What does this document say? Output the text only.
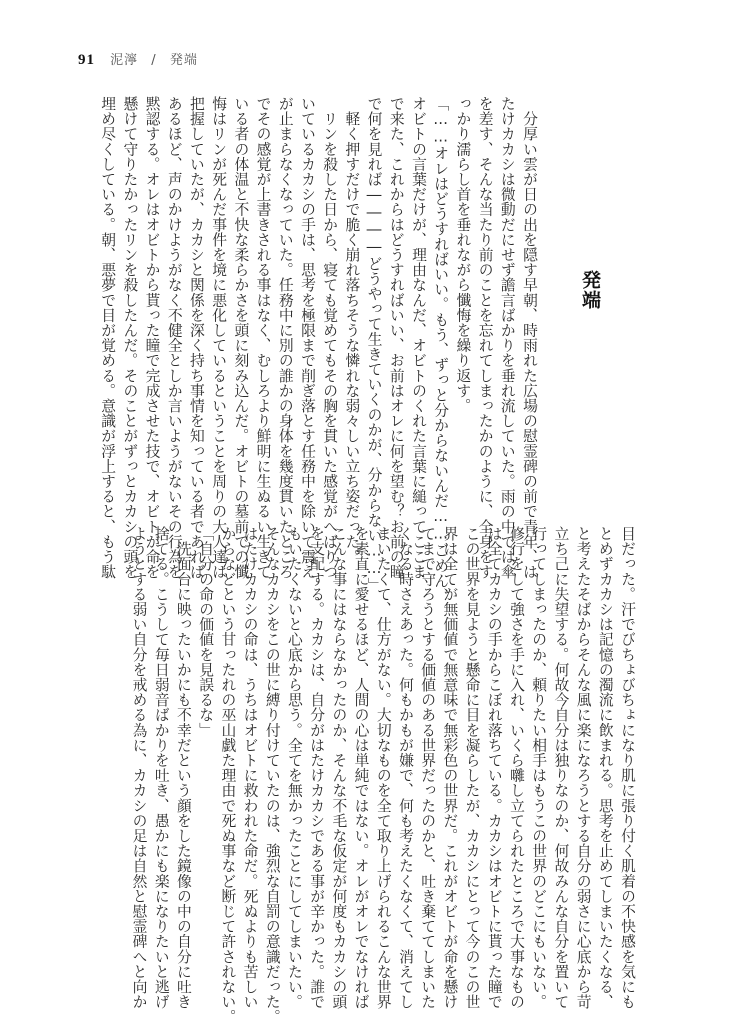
91 泥濘 / 発端
発端
　分厚い雲が日の出を隠す早朝、時雨れた広場の慰霊碑の前で青年、は
たけカカシは微動だにせず譫言ばかりを垂れ流していた。雨の中では傘
を差す、そんな当たり前のことを忘れてしまったかのように、全身をす
っかり濡らし首を垂れながら懺悔を繰り返す。
「……オレはどうすればいい。もう、ずっと分からないんだ……ごめん、
オビトの言葉だけが、理由なんだ、オビトのくれた言葉に縋ってここま
で来た、これからはどうすればいい、お前はオレに何を望む？お前の瞳
で何を見れば――――どうやって生きていくのかが、分からない……」
　軽く押すだけで脆く崩れ落ちそうな憐れな弱々しい立ち姿だった。
　リンを殺した日から、寝ても覚めてもその胸を貫いた感覚がへばりつ
いているカカシの手は、思考を極限まで削ぎ落とす任務中を除いて震え
が止まらなくなっていた。任務中に別の誰かの身体を幾度貫いたところ
でその感覚が上書きされる事はなく、むしろより鮮明に生ぬるい生きて
いる者の体温と不快な柔らかさを頭に刻み込んだ。オビトの墓前での懺
悔はリンが死んだ事件を境に悪化しているということを周りの大人達は
把握していたが、カカシと関係を深く持ち事情を知っている者であれば
あるほど、声のかけようがなく不健全としか言いようがないその行為を
黙認する。オレはオビトから貰った瞳で完成させた技で、オビトが命を
懸けて守りたかったリンを殺したんだ。そのことがずっとカカシの頭を
埋め尽くしている。朝、悪夢で目が覚める。意識が浮上すると、もう駄
目だった。汗でびちょびちょになり肌に張り付く肌着の不快感を気にも
とめずカカシは記憶の濁流に飲まれる。思考を止めてしまいたくなる、
と考えたそばからそんな風に楽になろうとする自分の弱さに心底から苛
立ち己に失望する。何故今自分は独りなのか、何故みんな自分を置いて
行ってしまったのか、頼りたい相手はもうこの世界のどこにもいない。
修行をして強さを手に入れ、いくら囃し立てられたところで大事なもの
は全てカカシの手からこぼれ落ちている。カカシはオビトに貰った瞳で
この世界を見ようと懸命に目を凝らしたが、カカシにとって今のこの世
界は全てが無価値で無意味で無彩色の世界だ。これがオビトが命を懸け
てまで守ろうとする価値のある世界だったのかと、吐き棄ててしまいた
くなる時さえあった。何もかもが嫌で、何も考えたくなくて、消えてし
まいたくて、仕方がない。大切なものを全て取り上げられるこんな世界
を素直に愛せるほど、人間の心は単純ではない。オレがオレでなければ
こんな事にはならなかったのか、そんな不毛な仮定が何度もカカシの頭
を支配する。カカシは、自分がはたけカカシである事が辛かった。誰で
もいたくないと心底から思う。全てを無かったことにしてしまいたい。
そんなカカシをこの世に縛り付けていたのは、強烈な自罰の意識だった。
はたけカカシの命は、うちはオビトに救われた命だ。死ぬよりも苦しい
からなどという甘ったれの巫山戯た理由で死ぬ事など断じて許されない。
「自分の命の価値を見誤るな」
　洗面台に映ったいかにも不幸だという顔をした鏡像の中の自分に吐き
捨てる。こうして毎日弱音ばかりを吐き、愚かにも楽になりたいと逃げ
ようとする弱い自分を戒める為に、カカシの足は自然と慰霊碑へと向か
